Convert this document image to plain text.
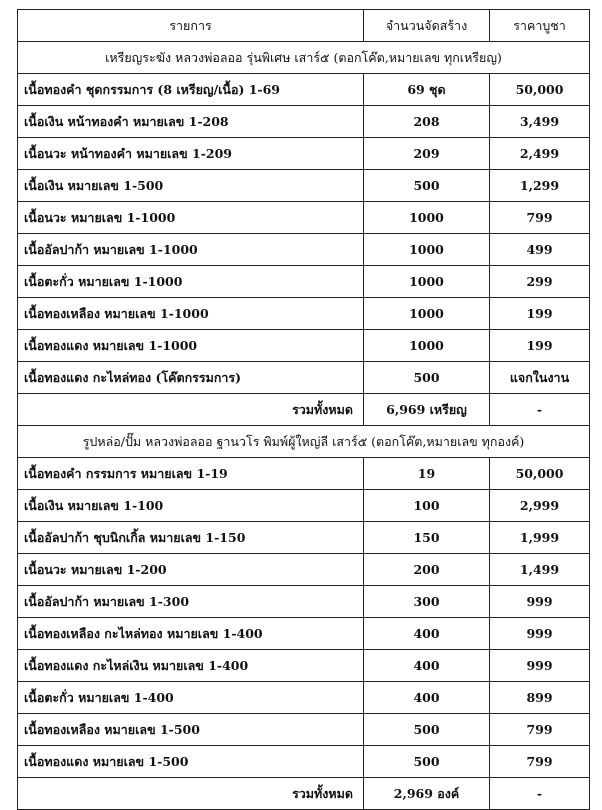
รายการ	จำนวนจัดสร้าง	ราคาบูชา
เหรียญระฆัง หลวงพ่อลออ รุ่นพิเศษ เสาร์๕ (ตอกโค๊ต,หมายเลข ทุกเหรียญ)		
เนื้อทองคำ ชุดกรรมการ (8 เหรียญ/เนื้อ) 1-69	69 ชุด	50,000
เนื้อเงิน หน้าทองคำ หมายเลข 1-208	208	3,499
เนื้อนวะ หน้าทองคำ หมายเลข 1-209	209	2,499
เนื้อเงิน หมายเลข 1-500	500	1,299
เนื้อนวะ หมายเลข 1-1000	1000	799
เนื้ออัลปาก้า หมายเลข 1-1000	1000	499
เนื้อตะกั่ว หมายเลข 1-1000	1000	299
เนื้อทองเหลือง หมายเลข 1-1000	1000	199
เนื้อทองแดง หมายเลข 1-1000	1000	199
เนื้อทองแดง กะไหล่ทอง (โค๊ตกรรมการ)	500	แจกในงาน
รวมทั้งหมด	6,969 เหรียญ	-
รูปหล่อ/ปั๊ม หลวงพ่อลออ ฐานวโร พิมพ์ผู้ใหญ่ลี เสาร์๕ (ตอกโค๊ต,หมายเลข ทุกองค์)		
เนื้อทองคำ กรรมการ หมายเลข 1-19	19	50,000
เนื้อเงิน หมายเลข 1-100	100	2,999
เนื้ออัลปาก้า ชุบนิกเกิ้ล หมายเลข 1-150	150	1,999
เนื้อนวะ หมายเลข 1-200	200	1,499
เนื้ออัลปาก้า หมายเลข 1-300	300	999
เนื้อทองเหลือง กะไหล่ทอง หมายเลข 1-400	400	999
เนื้อทองแดง กะไหล่เงิน หมายเลข 1-400	400	999
เนื้อตะกั่ว หมายเลข 1-400	400	899
เนื้อทองเหลือง หมายเลข 1-500	500	799
เนื้อทองแดง หมายเลข 1-500	500	799
รวมทั้งหมด	2,969 องค์	-
